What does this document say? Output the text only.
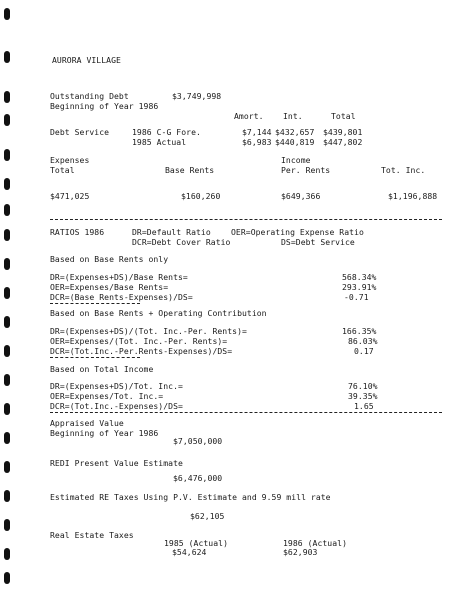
AURORA VILLAGE
Outstanding Debt	$3,749,998
Beginning of Year 1986
Amort. Int.	Total
Debt Service	1986 C-G Fore.	$7,144 $432,657 $439,801
1985 Actual	$6,983 $440,819 $447,802
Expenses	Income
Total	Base Rents	Per. Rents	Tot. Inc.
$471,025	$160,260	$649,366	$1,196,888
RATIOS 1986	DR=Default Ratio OER=Operating Expense Ratio
DCR=Debt Cover Ratio	DS=Debt Service
Based on Base Rents only
DR=(Expenses+DS)/Base Rents=	568.34%
OER=Expenses/Base Rents=	293.91%
DCR=(Base Rents-Expenses)/DS=	-0.71
Based on Base Rents + Operating Contribution
DR=(Expenses+DS)/(Tot. Inc.-Per. Rents)=	166.35%
OER=Expenses/(Tot. Inc.-Per. Rents)=	86.03%
DCR=(Tot.Inc.-Per.Rents-Expenses)/DS=	0.17
Based on Total Income
DR=(Expenses+DS)/Tot. Inc.=	76.10%
OER=Expenses/Tot. Inc.=	39.35%
DCR=(Tot.Inc.-Expenses)/DS=	1.65
Appraised Value
Beginning of Year 1986
$7,050,000
REDI Present Value Estimate
$6,476,000
Estimated RE Taxes Using P.V. Estimate and 9.59 mill rate
$62,105
Real Estate Taxes
1985 (Actual)
$54,624
1986 (Actual)
$62,903
